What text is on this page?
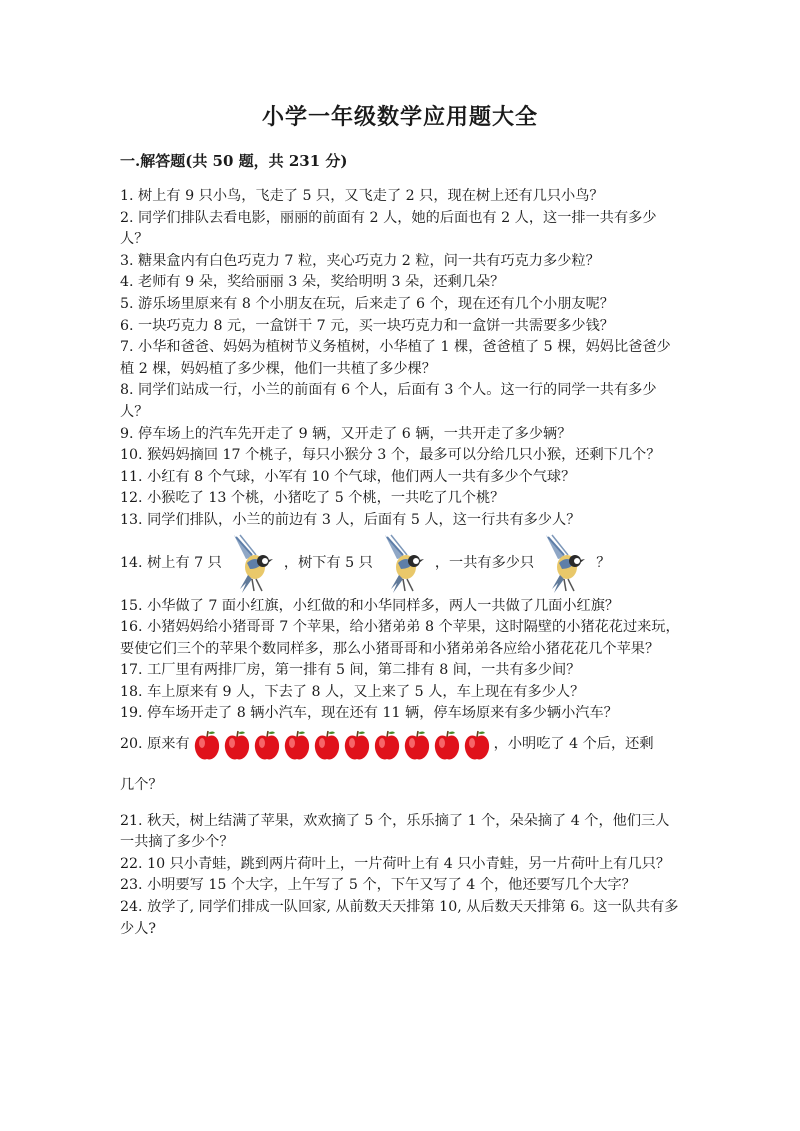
小学一年级数学应用题大全
一.解答题(共 50 题，共 231 分)

1. 树上有 9 只小鸟，飞走了 5 只，又飞走了 2 只，现在树上还有几只小鸟？

2. 同学们排队去看电影，丽丽的前面有 2 人，她的后面也有 2 人，这一排一共有多少人？

3. 糖果盒内有白色巧克力 7 粒，夹心巧克力 2 粒，问一共有巧克力多少粒？

4. 老师有 9 朵，奖给丽丽 3 朵，奖给明明 3 朵，还剩几朵？

5. 游乐场里原来有 8 个小朋友在玩，后来走了 6 个，现在还有几个小朋友呢？

6. 一块巧克力 8 元，一盒饼干 7 元，买一块巧克力和一盒饼一共需要多少钱？

7. 小华和爸爸、妈妈为植树节义务植树，小华植了 1 棵，爸爸植了 5 棵，妈妈比爸爸少植 2 棵，妈妈植了多少棵，他们一共植了多少棵？

8. 同学们站成一行，小兰的前面有 6 个人，后面有 3 个人。这一行的同学一共有多少人？

9. 停车场上的汽车先开走了 9 辆，又开走了 6 辆，一共开走了多少辆？

10. 猴妈妈摘回 17 个桃子，每只小猴分 3 个，最多可以分给几只小猴，还剩下几个？

11. 小红有 8 个气球，小军有 10 个气球，他们两人一共有多少个气球？

12. 小猴吃了 13 个桃，小猪吃了 5 个桃，一共吃了几个桃？

13. 同学们排队，小兰的前边有 3 人，后面有 5 人，这一行共有多少人？

14. 树上有 7 只	，树下有 5 只	，一共有多少只	？

15. 小华做了 7 面小红旗，小红做的和小华同样多，两人一共做了几面小红旗？

16. 小猪妈妈给小猪哥哥 7 个苹果，给小猪弟弟 8 个苹果，这时隔壁的小猪花花过来玩，要使它们三个的苹果个数同样多，那么小猪哥哥和小猪弟弟各应给小猪花花几个苹果？

17. 工厂里有两排厂房，第一排有 5 间，第二排有 8 间，一共有多少间？

18. 车上原来有 9 人，下去了 8 人，又上来了 5 人，车上现在有多少人？

19. 停车场开走了 8 辆小汽车，现在还有 11 辆，停车场原来有多少辆小汽车？

20. 原来有	，小明吃了 4 个后，还剩

几个？

21. 秋天，树上结满了苹果，欢欢摘了 5 个，乐乐摘了 1 个，朵朵摘了 4 个，他们三人一共摘了多少个？

22. 10 只小青蛙，跳到两片荷叶上，一片荷叶上有 4 只小青蛙，另一片荷叶上有几只？

23. 小明要写 15 个大字，上午写了 5 个，下午又写了 4 个，他还要写几个大字？

24. 放学了, 同学们排成一队回家, 从前数天天排第 10, 从后数天天排第 6。这一队共有多少人?
